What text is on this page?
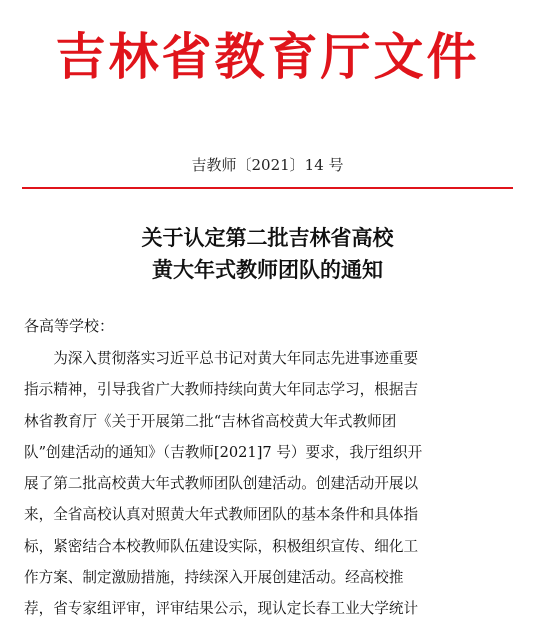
吉林省教育厅文件
吉教师〔2021〕14 号
关于认定第二批吉林省高校
黄大年式教师团队的通知
各高等学校：
　　为深入贯彻落实习近平总书记对黄大年同志先进事迹重要
指示精神，引导我省广大教师持续向黄大年同志学习，根据吉
林省教育厅《关于开展第二批“吉林省高校黄大年式教师团
队”创建活动的通知》（吉教师[2021]7 号）要求，我厅组织开
展了第二批高校黄大年式教师团队创建活动。创建活动开展以
来，全省高校认真对照黄大年式教师团队的基本条件和具体指
标，紧密结合本校教师队伍建设实际，积极组织宣传、细化工
作方案、制定激励措施，持续深入开展创建活动。经高校推
荐，省专家组评审，评审结果公示，现认定长春工业大学统计
